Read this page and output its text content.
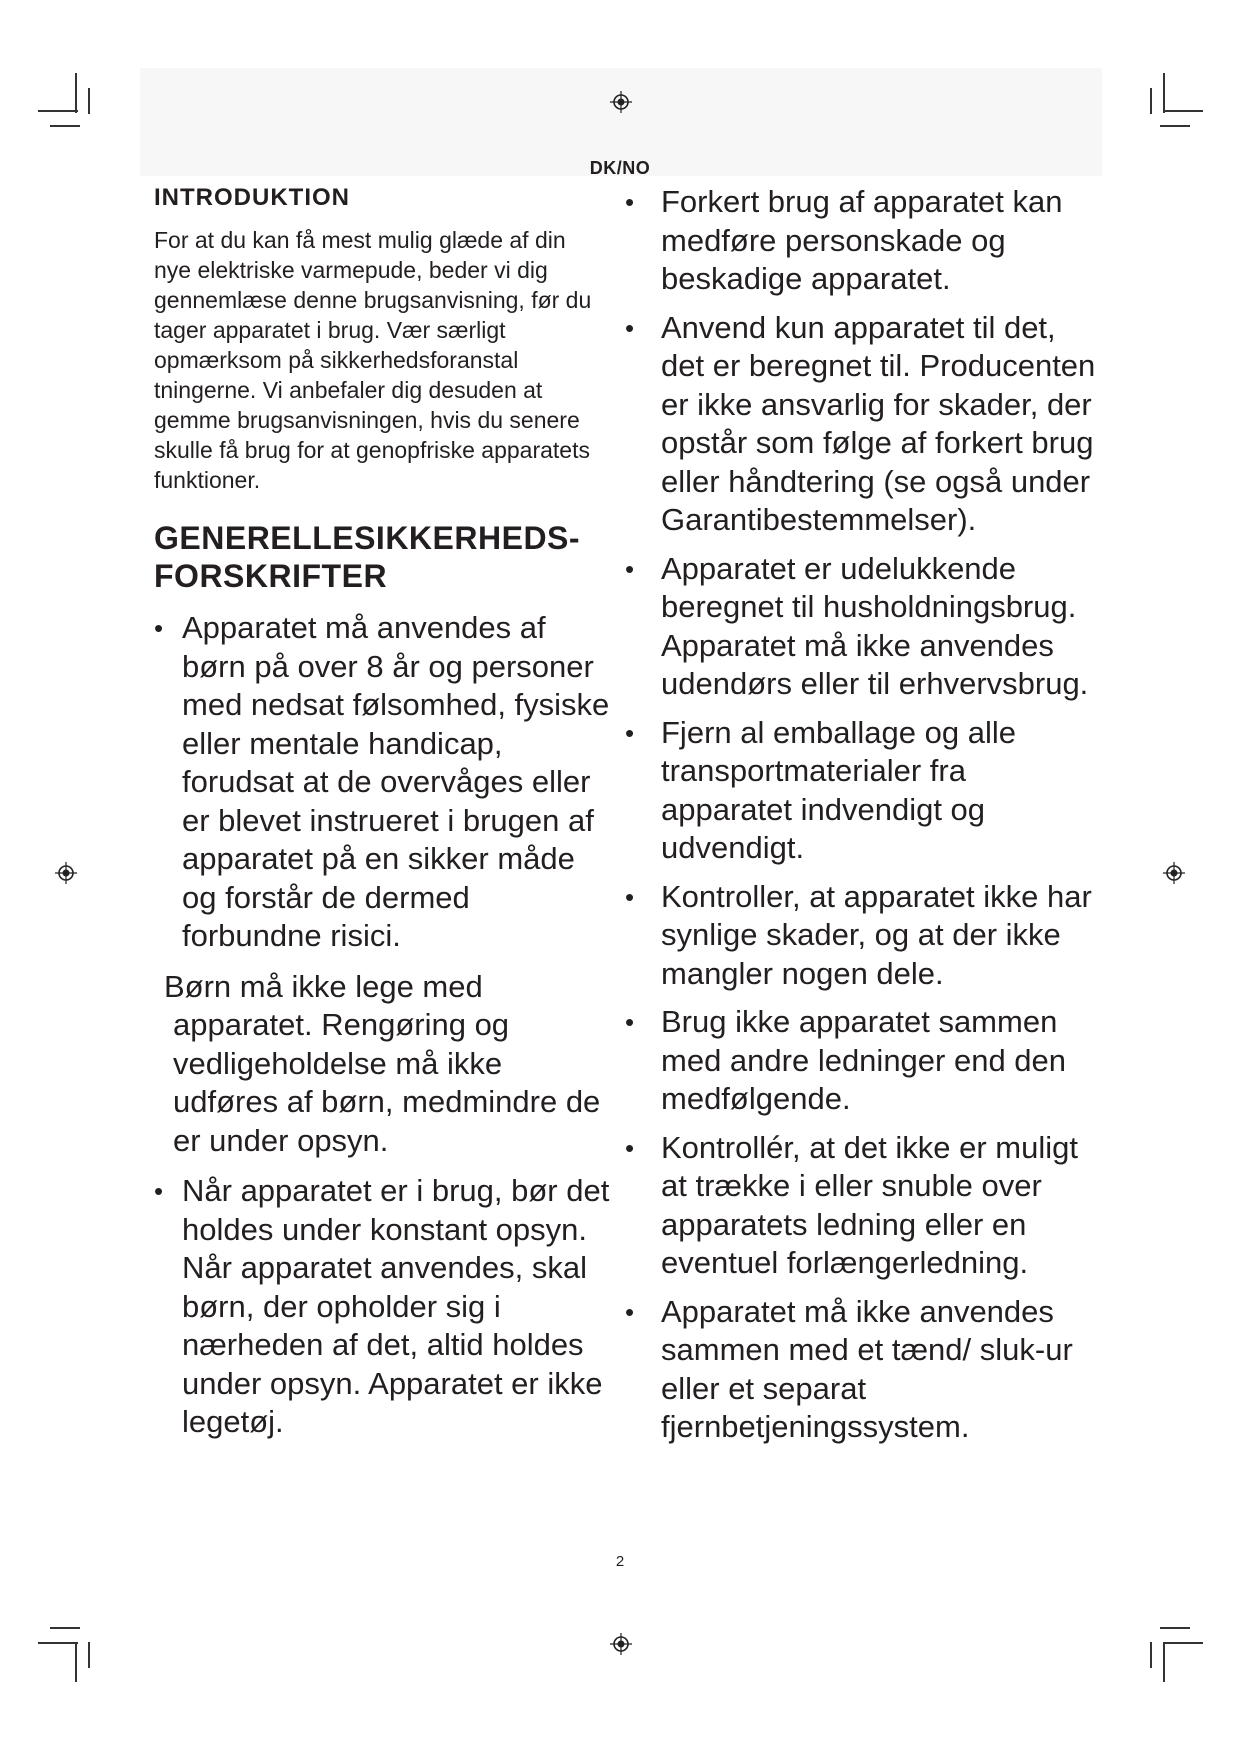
DK/NO
INTRODUKTION

For at du kan få mest mulig glæde af din nye elektriske varmepude, beder vi dig gennemlæse denne brugsanvisning, før du tager apparatet i brug. Vær særligt opmærksom på sikkerhedsforanstal tningerne. Vi anbefaler dig desuden at gemme brugsanvisningen, hvis du senere skulle få brug for at genopfriske apparatets funktioner.

GENERELLESIKKERHEDS-
FORSKRIFTER
• Apparatet må anvendes af børn på over 8 år og personer med nedsat følsomhed, fysiske eller mentale handicap, forudsat at de overvåges eller er blevet instrueret i brugen af apparatet på en sikker måde og forstår de dermed forbundne risici.

Børn må ikke lege med apparatet. Rengøring og vedligeholdelse må ikke udføres af børn, medmindre de er under opsyn.

• Når apparatet er i brug, bør det holdes under konstant opsyn. Når apparatet anvendes, skal børn, der opholder sig i nærheden af det, altid holdes under opsyn. Apparatet er ikke legetøj.
• Forkert brug af apparatet kan medføre personskade og beskadige apparatet.
• Anvend kun apparatet til det, det er beregnet til. Producenten er ikke ansvarlig for skader, der opstår som følge af forkert brug eller håndtering (se også under Garantibestemmelser).
• Apparatet er udelukkende beregnet til husholdningsbrug. Apparatet må ikke anvendes udendørs eller til erhvervsbrug.
• Fjern al emballage og alle transportmaterialer fra apparatet indvendigt og udvendigt.
• Kontroller, at apparatet ikke har synlige skader, og at der ikke mangler nogen dele.
• Brug ikke apparatet sammen med andre ledninger end den medfølgende.
• Kontrollér, at det ikke er muligt at trække i eller snuble over apparatets ledning eller en eventuel forlængerledning.
• Apparatet må ikke anvendes sammen med et tænd/ sluk-ur eller et separat fjernbetjeningssystem.
2
